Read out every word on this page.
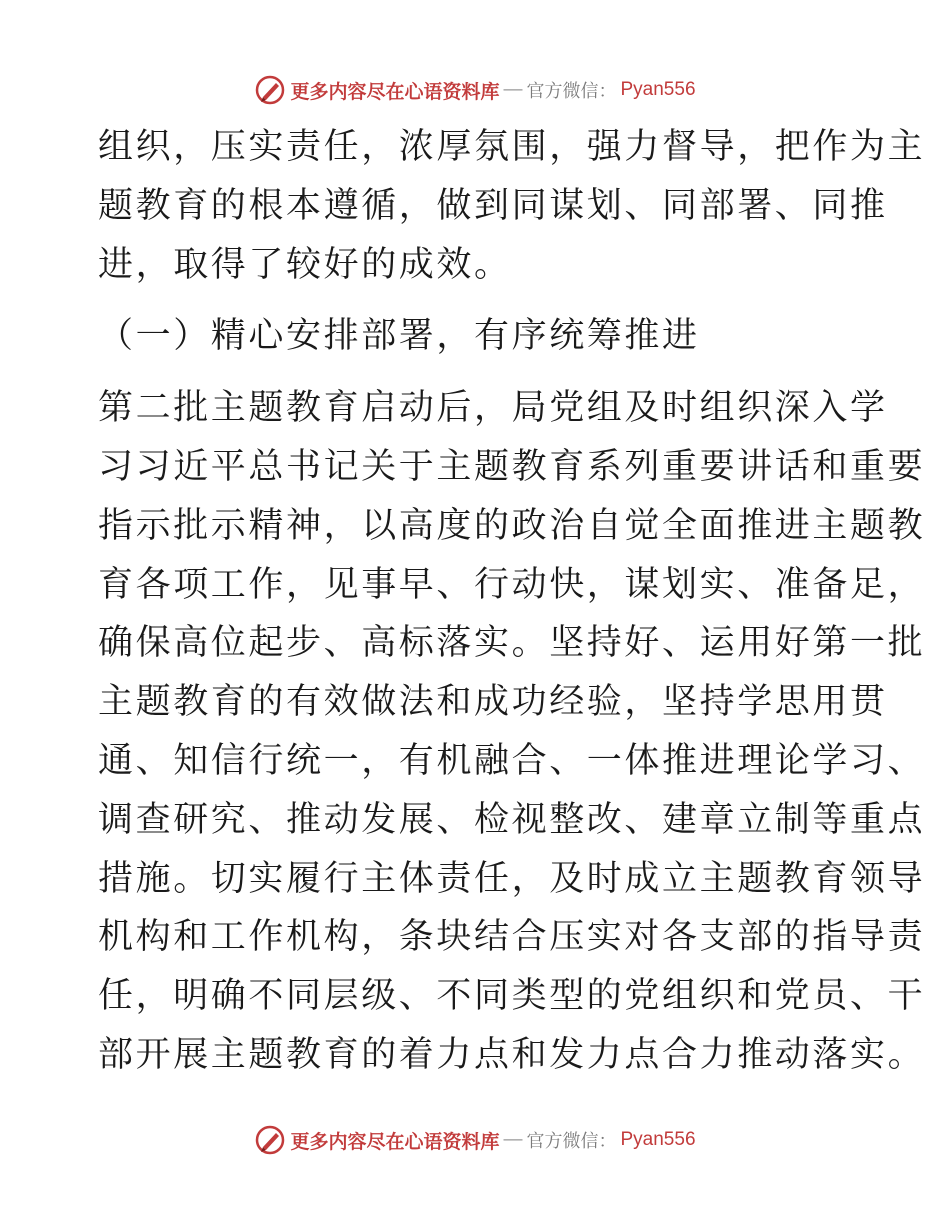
更多内容尽在心语资料库 — 官方微信： Pyan556
组织，压实责任，浓厚氛围，强力督导，把作为主
题教育的根本遵循，做到同谋划、同部署、同推
进，取得了较好的成效。
（一）精心安排部署，有序统筹推进
第二批主题教育启动后，局党组及时组织深入学
习习近平总书记关于主题教育系列重要讲话和重要
指示批示精神，以高度的政治自觉全面推进主题教
育各项工作，见事早、行动快，谋划实、准备足，
确保高位起步、高标落实。坚持好、运用好第一批
主题教育的有效做法和成功经验，坚持学思用贯
通、知信行统一，有机融合、一体推进理论学习、
调查研究、推动发展、检视整改、建章立制等重点
措施。切实履行主体责任，及时成立主题教育领导
机构和工作机构，条块结合压实对各支部的指导责
任，明确不同层级、不同类型的党组织和党员、干
部开展主题教育的着力点和发力点合力推动落实。
更多内容尽在心语资料库 — 官方微信： Pyan556
